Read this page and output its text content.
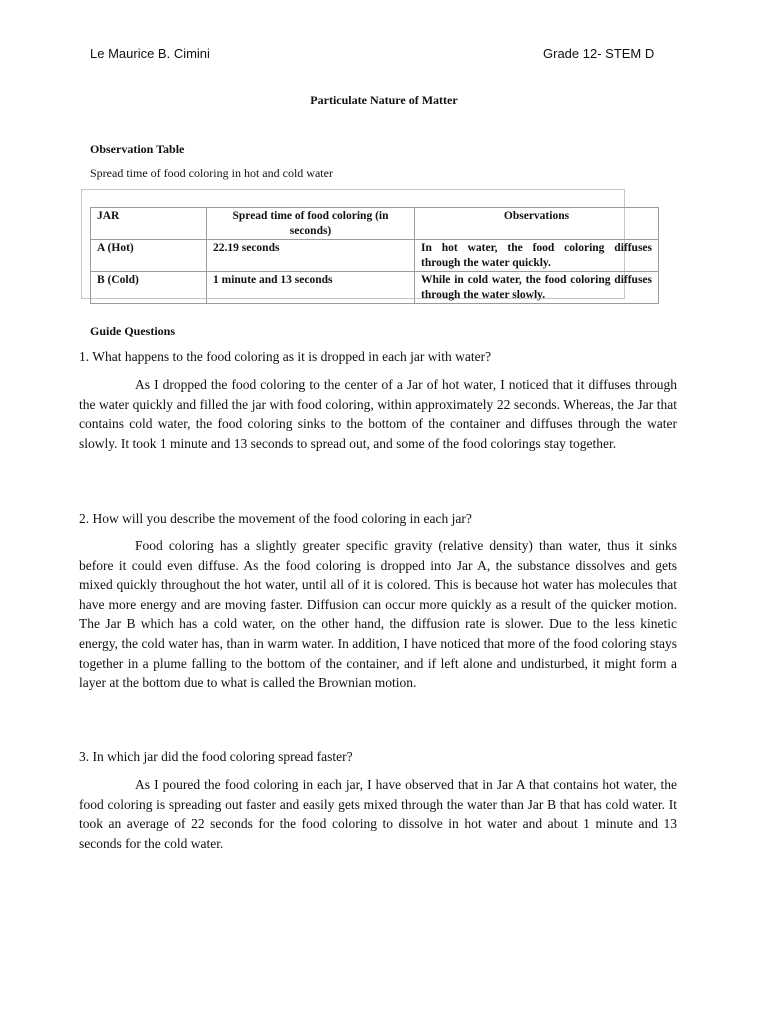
Le Maurice B. Cimini	Grade 12- STEM D
Particulate Nature of Matter
Observation Table
Spread time of food coloring in hot and cold water
JAR	Spread time of food coloring (in seconds)	Observations
A (Hot)	22.19 seconds	In hot water, the food coloring diffuses through the water quickly.
B (Cold)	1 minute and 13 seconds	While in cold water, the food coloring diffuses through the water slowly.
Guide Questions
1. What happens to the food coloring as it is dropped in each jar with water?

As I dropped the food coloring to the center of a Jar of hot water, I noticed that it diffuses through the water quickly and filled the jar with food coloring, within approximately 22 seconds. Whereas, the Jar that contains cold water, the food coloring sinks to the bottom of the container and diffuses through the water slowly. It took 1 minute and 13 seconds to spread out, and some of the food colorings stay together.

2. How will you describe the movement of the food coloring in each jar?

Food coloring has a slightly greater specific gravity (relative density) than water, thus it sinks before it could even diffuse. As the food coloring is dropped into Jar A, the substance dissolves and gets mixed quickly throughout the hot water, until all of it is colored. This is because hot water has molecules that have more energy and are moving faster. Diffusion can occur more quickly as a result of the quicker motion. The Jar B which has a cold water, on the other hand, the diffusion rate is slower. Due to the less kinetic energy, the cold water has, than in warm water. In addition, I have noticed that more of the food coloring stays together in a plume falling to the bottom of the container, and if left alone and undisturbed, it might form a layer at the bottom due to what is called the Brownian motion.

3. In which jar did the food coloring spread faster?

As I poured the food coloring in each jar, I have observed that in Jar A that contains hot water, the food coloring is spreading out faster and easily gets mixed through the water than Jar B that has cold water. It took an average of 22 seconds for the food coloring to dissolve in hot water and about 1 minute and 13 seconds for the cold water.
